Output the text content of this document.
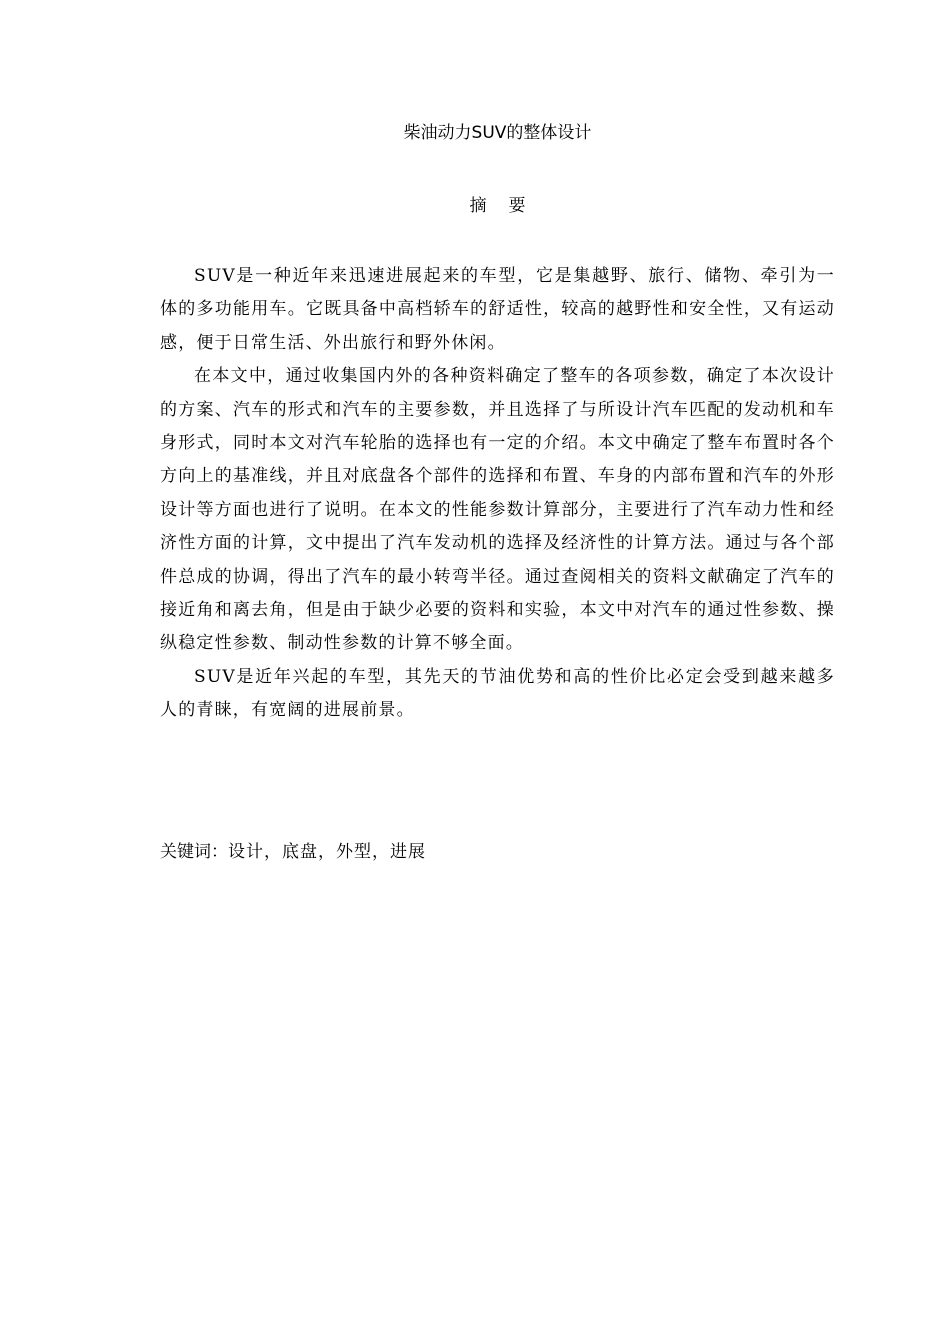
柴油动力SUV的整体设计
摘要

SUV是一种近年来迅速进展起来的车型，它是集越野、旅行、储物、牵引为一体的多功能用车。它既具备中高档轿车的舒适性，较高的越野性和安全性，又有运动感，便于日常生活、外出旅行和野外休闲。

在本文中，通过收集国内外的各种资料确定了整车的各项参数，确定了本次设计的方案、汽车的形式和汽车的主要参数，并且选择了与所设计汽车匹配的发动机和车身形式，同时本文对汽车轮胎的选择也有一定的介绍。本文中确定了整车布置时各个方向上的基准线，并且对底盘各个部件的选择和布置、车身的内部布置和汽车的外形设计等方面也进行了说明。在本文的性能参数计算部分，主要进行了汽车动力性和经济性方面的计算，文中提出了汽车发动机的选择及经济性的计算方法。通过与各个部件总成的协调，得出了汽车的最小转弯半径。通过查阅相关的资料文献确定了汽车的接近角和离去角，但是由于缺少必要的资料和实验，本文中对汽车的通过性参数、操纵稳定性参数、制动性参数的计算不够全面。

SUV是近年兴起的车型，其先天的节油优势和高的性价比必定会受到越来越多人的青睐，有宽阔的进展前景。

关键词：设计，底盘，外型，进展
